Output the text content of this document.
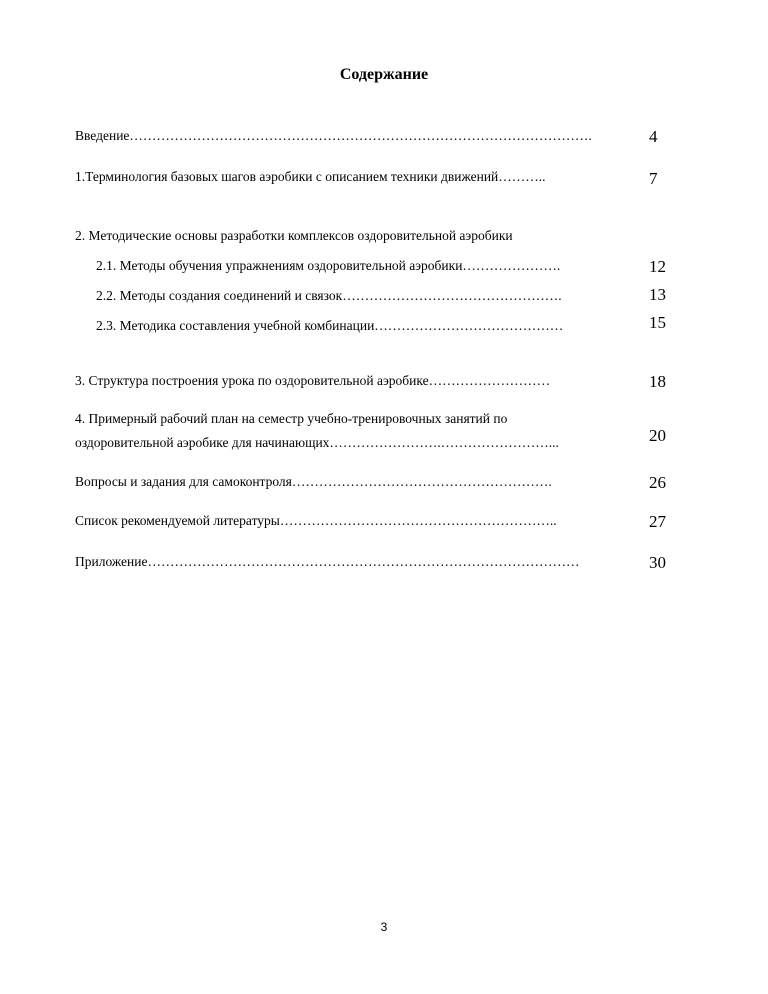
Содержание
Введение………………………………………………………………………………………….	4
1.Терминология базовых шагов аэробики с описанием техники движений………..	7
2. Методические основы разработки комплексов оздоровительной аэробики
2.1. Методы обучения упражнениям оздоровительной аэробики………………….	12
2.2. Методы создания соединений и связок………………………………………….	13
2.3. Методика составления учебной комбинации……………………………………	15
3. Структура построения урока по оздоровительной аэробике………………………	18
4. Примерный рабочий план на семестр учебно-тренировочных занятий по
оздоровительной аэробике для начинающих…………………….……………………...	20
Вопросы и задания для самоконтроля………………………………………………….	26
Список рекомендуемой литературы……………………………………………………..	27
Приложение……………………………………………………………………………………	30
3
